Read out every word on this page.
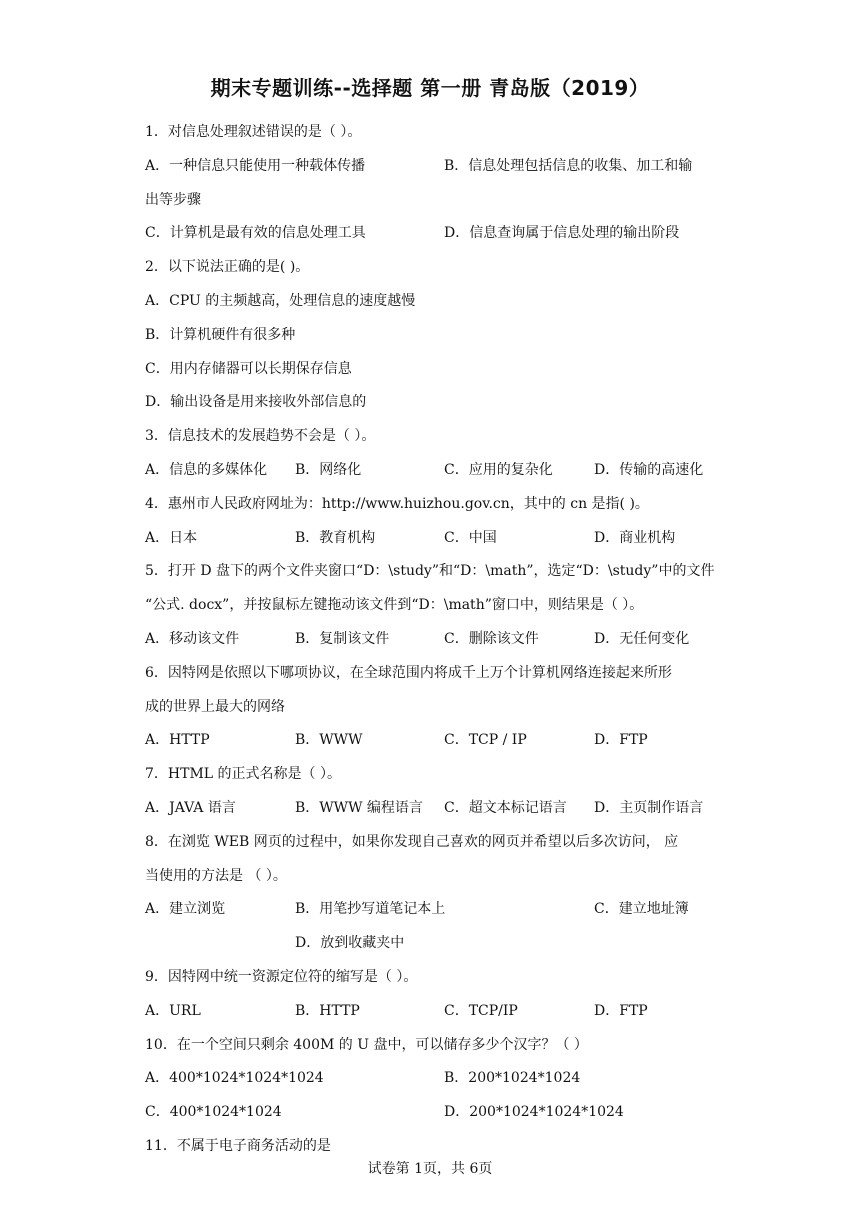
期末专题训练--选择题 第一册 青岛版（2019）
1．对信息处理叙述错误的是（ ）。
A．一种信息只能使用一种载体传播	B．信息处理包括信息的收集、加工和输
出等步骤
C．计算机是最有效的信息处理工具	D．信息查询属于信息处理的输出阶段
2．以下说法正确的是( )。
A．CPU 的主频越高，处理信息的速度越慢
B．计算机硬件有很多种
C．用内存储器可以长期保存信息
D．输出设备是用来接收外部信息的
3．信息技术的发展趋势不会是（ ）。
A．信息的多媒体化 B．网络化	C．应用的复杂化	D．传输的高速化
4．惠州市人民政府网址为：http://www.huizhou.gov.cn，其中的 cn 是指( )。
A．日本	B．教育机构	C．中国	D．商业机构
5．打开 D 盘下的两个文件夹窗口“D：\study”和“D：\math”，选定“D：\study”中的文件
“公式. docx”，并按鼠标左键拖动该文件到“D：\math”窗口中，则结果是（ ）。
A．移动该文件	B．复制该文件	C．删除该文件	D．无任何变化
6．因特网是依照以下哪项协议，在全球范围内将成千上万个计算机网络连接起来所形
成的世界上最大的网络
A．HTTP	B．WWW	C．TCP / IP	D．FTP
7．HTML 的正式名称是（ ）。
A．JAVA 语言	B．WWW 编程语言 C．超文本标记语言 D．主页制作语言
8．在浏览 WEB 网页的过程中，如果你发现自己喜欢的网页并希望以后多次访问， 应
当使用的方法是 （ ）。
A．建立浏览	B．用笔抄写道笔记本上	C．建立地址簿
D．放到收藏夹中
9．因特网中统一资源定位符的缩写是（ ）。
A．URL	B．HTTP	C．TCP/IP	D．FTP
10．在一个空间只剩余 400M 的 U 盘中，可以储存多少个汉字？（ ）
A．400*1024*1024*1024	B．200*1024*1024
C．400*1024*1024	D．200*1024*1024*1024
11．不属于电子商务活动的是
试卷第 1页，共 6页
